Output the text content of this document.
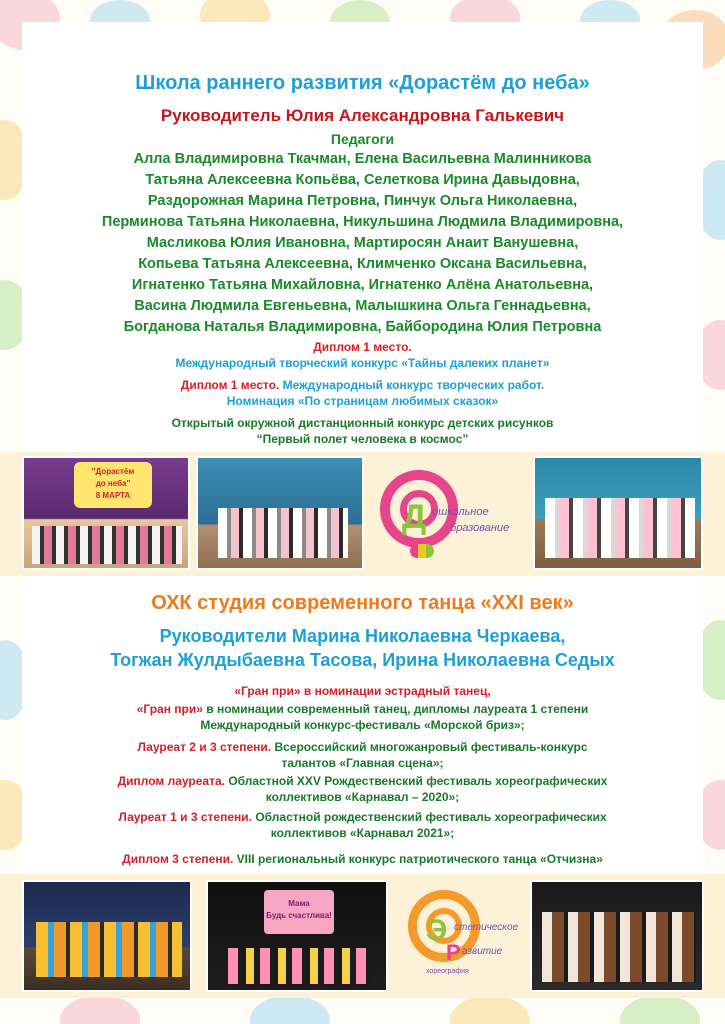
Школа раннего развития «Дорастём до неба»
Руководитель Юлия Александровна Галькевич
Педагоги
Алла Владимировна Ткачман, Елена Васильевна Малинникова
Татьяна Алексеевна Копьёва, Селеткова Ирина Давыдовна,
Раздорожная Марина Петровна, Пинчук Ольга Николаевна,
Перминова Татьяна Николаевна, Никульшина Людмила Владимировна,
Масликова Юлия Ивановна, Мартиросян Анаит Ванушевна,
Копьева Татьяна Алексеевна, Климченко Оксана Васильевна,
Игнатенко Татьяна Михайловна, Игнатенко Алёна Анатольевна,
Васина Людмила Евгеньевна, Малышкина Ольга Геннадьевна,
Богданова Наталья Владимировна, Байбородина Юлия Петровна
Диплом 1 место.
Международный творческий конкурс «Тайны далеких планет»
Диплом 1 место. Международный конкурс творческих работ.
Номинация «По страницам любимых сказок»
Открытый окружной дистанционный конкурс детских рисунков
“Первый полет человека в космос”
"Дорастём
до неба"
8 МАРТА
Д ошкольное
бразование
ОХК студия современного танца «XXI век»
Руководители Марина Николаевна Черкаева,
Тогжан Жулдыбаевна Тасова, Ирина Николаевна Седых
«Гран при» в номинации эстрадный танец,
«Гран при» в номинации современный танец, дипломы лауреата 1 степени
Международный конкурс-фестиваль «Морской бриз»;
Лауреат 2 и 3 степени. Всероссийский многожанровый фестиваль-конкурс
талантов «Главная сцена»;
Диплом лауреата. Областной XXV Рождественский фестиваль хореографических
коллективов «Карнавал – 2020»;
Лауреат 1 и 3 степени. Областной рождественский фестиваль хореографических
коллективов «Карнавал 2021»;
Диплом 3 степени. VIII региональный конкурс патриотического танца «Отчизна»
Мама
Будь счастлива!	Э стетическое
Р азвитие
хореография
